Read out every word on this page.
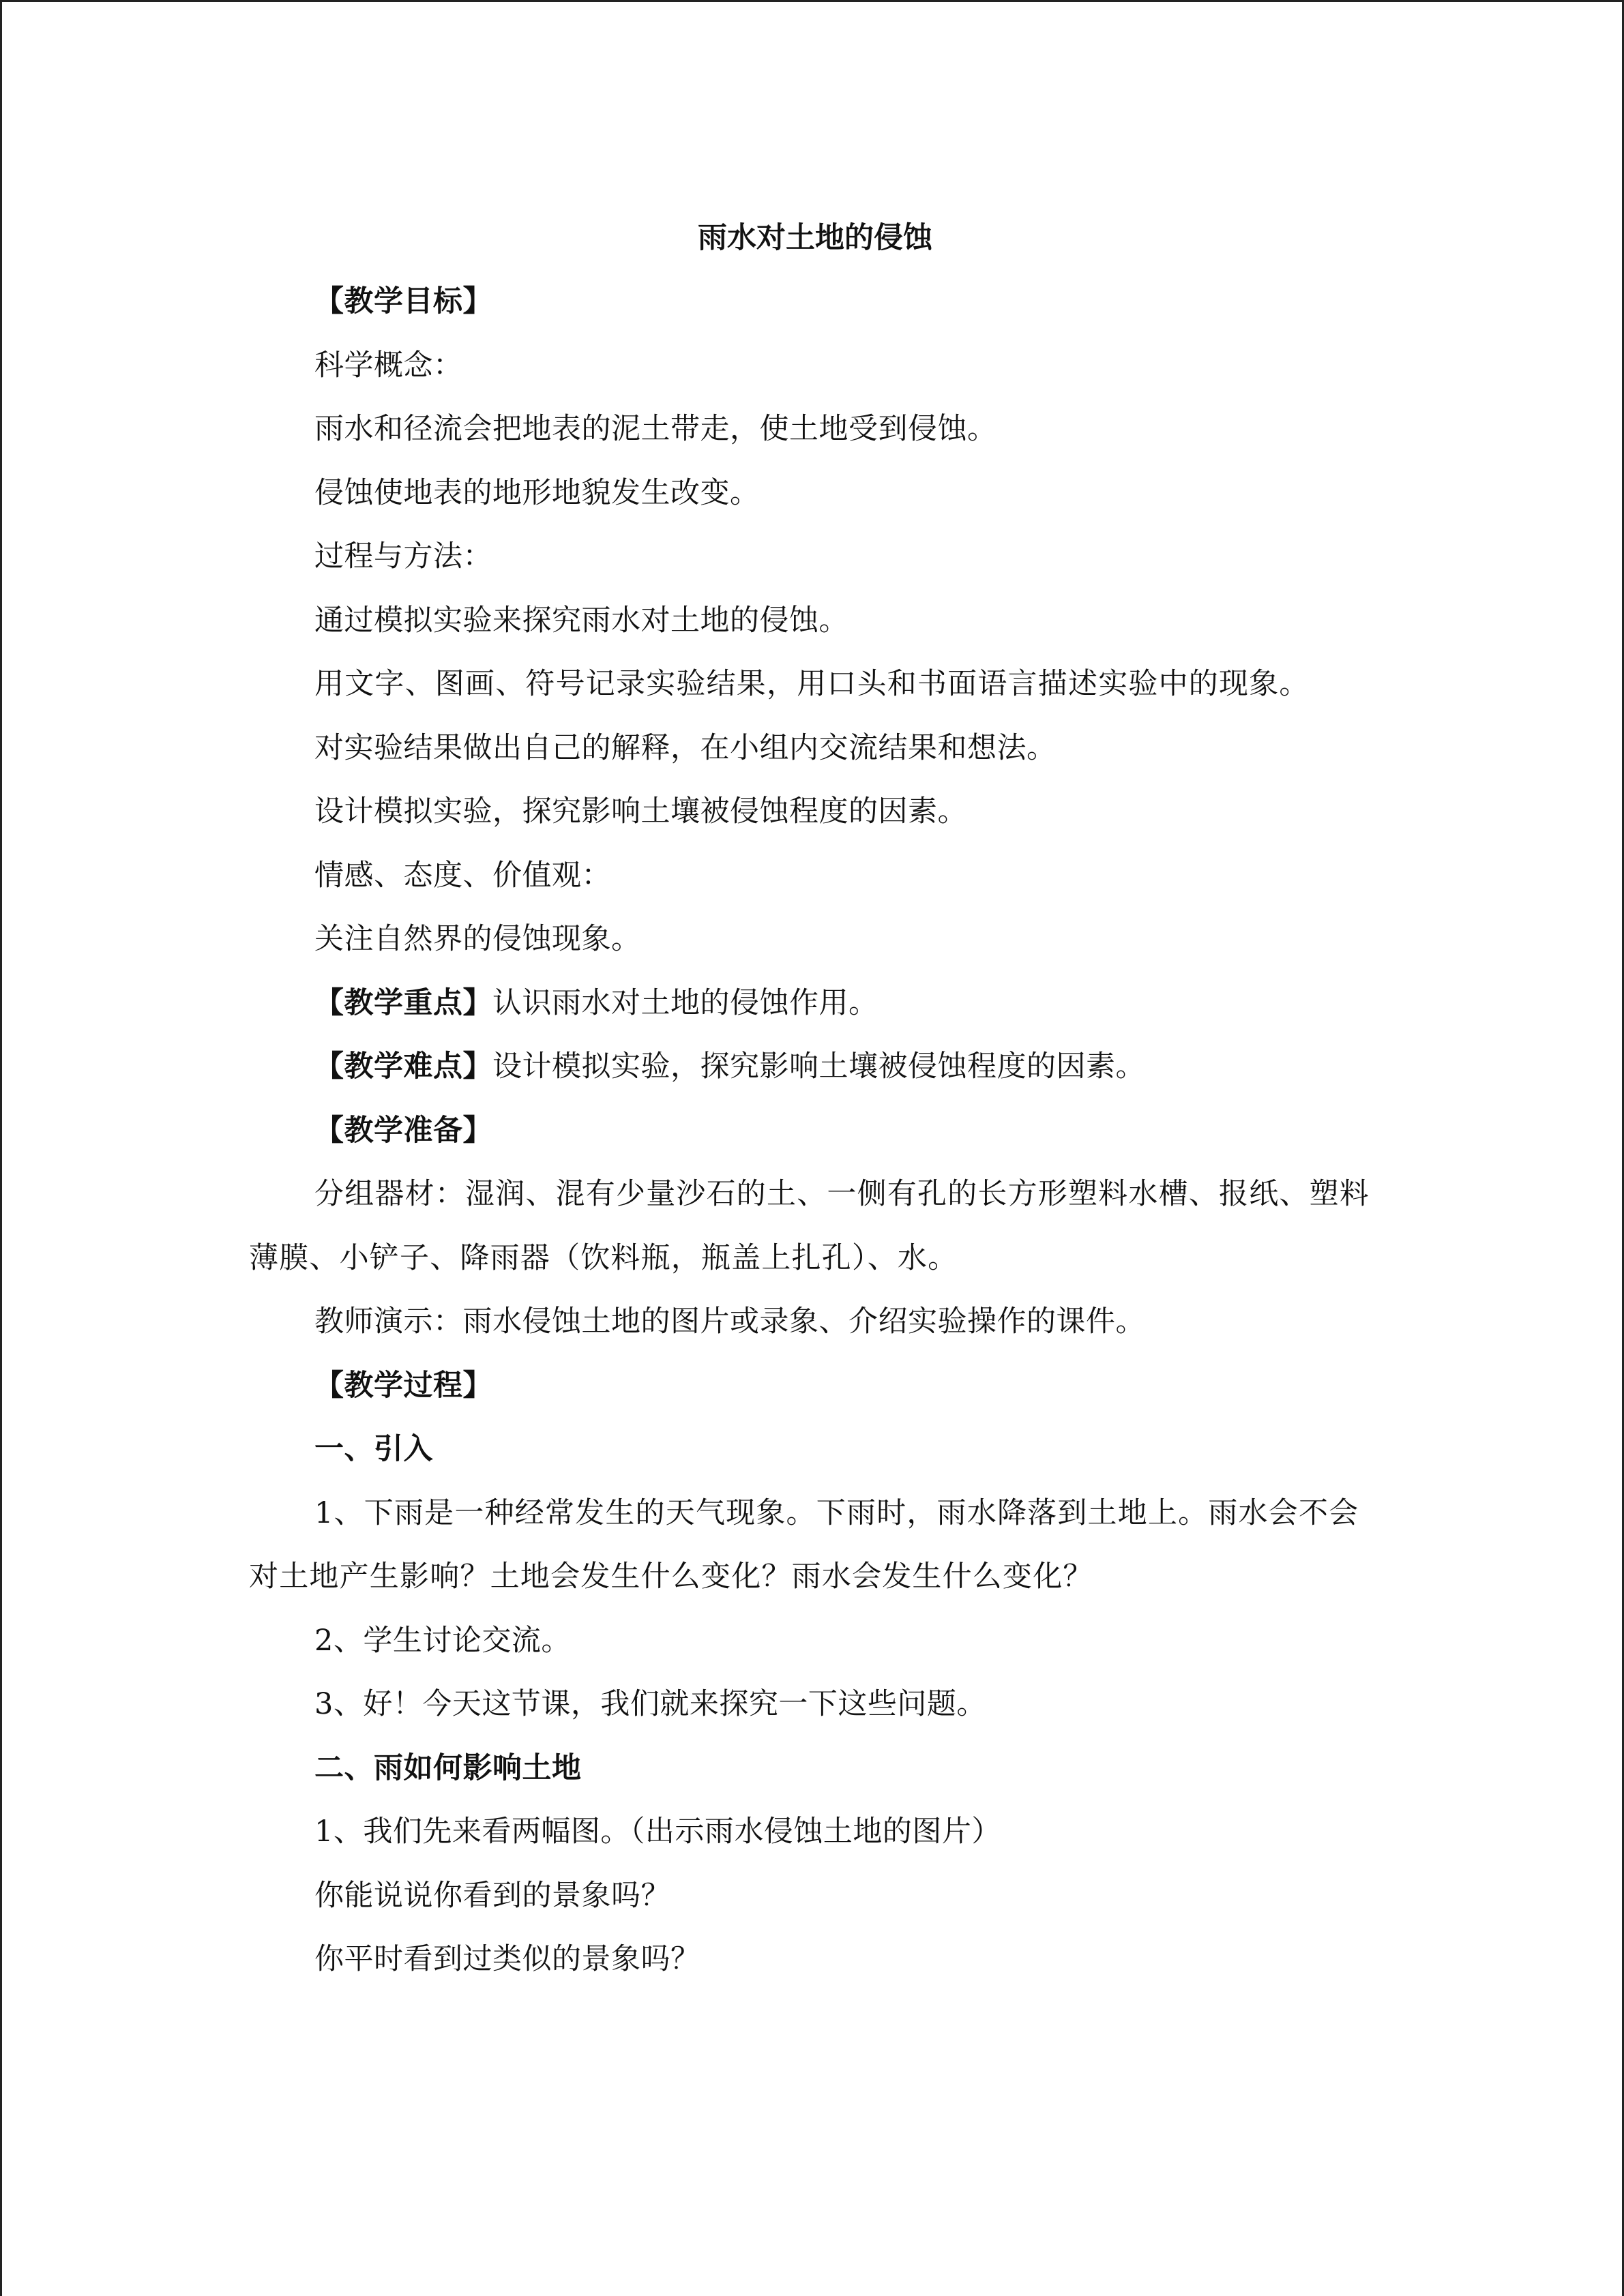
雨水对土地的侵蚀

【教学目标】

科学概念：

雨水和径流会把地表的泥土带走，使土地受到侵蚀。

侵蚀使地表的地形地貌发生改变。

过程与方法：

通过模拟实验来探究雨水对土地的侵蚀。

用文字、图画、符号记录实验结果，用口头和书面语言描述实验中的现象。

对实验结果做出自己的解释，在小组内交流结果和想法。

设计模拟实验，探究影响土壤被侵蚀程度的因素。

情感、态度、价值观：

关注自然界的侵蚀现象。

【教学重点】认识雨水对土地的侵蚀作用。

【教学难点】设计模拟实验，探究影响土壤被侵蚀程度的因素。

【教学准备】

分组器材：湿润、混有少量沙石的土、一侧有孔的长方形塑料水槽、报纸、塑料薄膜、小铲子、降雨器（饮料瓶，瓶盖上扎孔）、水。

教师演示：雨水侵蚀土地的图片或录象、介绍实验操作的课件。

【教学过程】

一、引入

1、下雨是一种经常发生的天气现象。下雨时，雨水降落到土地上。雨水会不会对土地产生影响？土地会发生什么变化？雨水会发生什么变化？

2、学生讨论交流。

3、好！今天这节课，我们就来探究一下这些问题。

二、雨如何影响土地

1、我们先来看两幅图。（出示雨水侵蚀土地的图片）

你能说说你看到的景象吗？

你平时看到过类似的景象吗？
